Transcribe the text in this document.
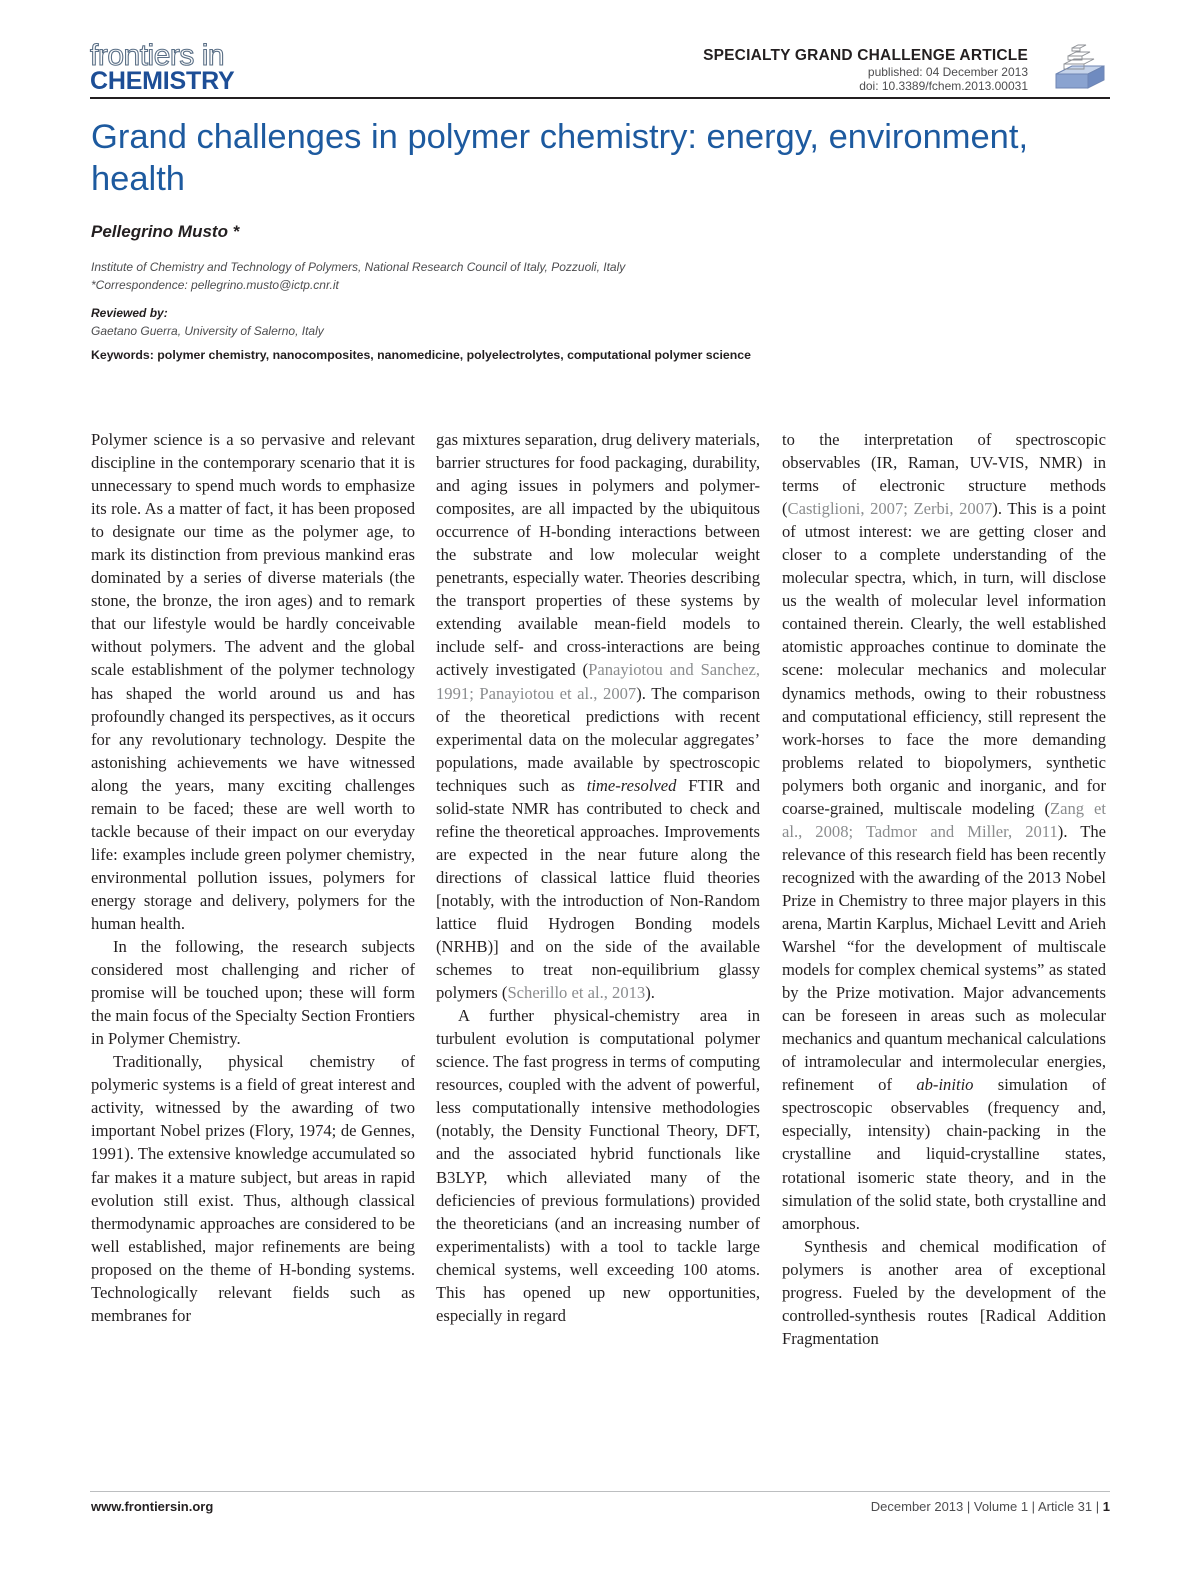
frontiers in
CHEMISTRY
SPECIALTY GRAND CHALLENGE ARTICLE
published: 04 December 2013
doi: 10.3389/fchem.2013.00031
Grand challenges in polymer chemistry: energy, environment, health
Pellegrino Musto *
Institute of Chemistry and Technology of Polymers, National Research Council of Italy, Pozzuoli, Italy
*Correspondence: pellegrino.musto@ictp.cnr.it
Reviewed by:
Gaetano Guerra, University of Salerno, Italy
Keywords: polymer chemistry, nanocomposites, nanomedicine, polyelectrolytes, computational polymer science

Polymer science is a so pervasive and relevant discipline in the contemporary scenario that it is unnecessary to spend much words to emphasize its role. As a matter of fact, it has been proposed to designate our time as the polymer age, to mark its distinction from previous mankind eras dominated by a series of diverse materials (the stone, the bronze, the iron ages) and to remark that our lifestyle would be hardly conceivable without polymers. The advent and the global scale establishment of the polymer technology has shaped the world around us and has profoundly changed its perspectives, as it occurs for any revolutionary technology. Despite the astonishing achievements we have witnessed along the years, many exciting challenges remain to be faced; these are well worth to tackle because of their impact on our everyday life: examples include green polymer chemistry, environmental pollution issues, polymers for energy storage and delivery, polymers for the human health.

In the following, the research subjects considered most challenging and richer of promise will be touched upon; these will form the main focus of the Specialty Section Frontiers in Polymer Chemistry.

Traditionally, physical chemistry of polymeric systems is a field of great interest and activity, witnessed by the awarding of two important Nobel prizes (Flory, 1974; de Gennes, 1991). The extensive knowledge accumulated so far makes it a mature subject, but areas in rapid evolution still exist. Thus, although classical thermodynamic approaches are considered to be well established, major refinements are being proposed on the theme of H-bonding systems. Technologically relevant fields such as membranes for

gas mixtures separation, drug delivery materials, barrier structures for food packaging, durability, and aging issues in polymers and polymer-composites, are all impacted by the ubiquitous occurrence of H-bonding interactions between the substrate and low molecular weight penetrants, especially water. Theories describing the transport properties of these systems by extending available mean-field models to include self- and cross-interactions are being actively investigated (Panayiotou and Sanchez, 1991; Panayiotou et al., 2007). The comparison of the theoretical predictions with recent experimental data on the molecular aggregates’ populations, made available by spectroscopic techniques such as time-resolved FTIR and solid-state NMR has contributed to check and refine the theoretical approaches. Improvements are expected in the near future along the directions of classical lattice fluid theories [notably, with the introduction of Non-Random lattice fluid Hydrogen Bonding models (NRHB)] and on the side of the available schemes to treat non-equilibrium glassy polymers (Scherillo et al., 2013).

A further physical-chemistry area in turbulent evolution is computational polymer science. The fast progress in terms of computing resources, coupled with the advent of powerful, less computationally intensive methodologies (notably, the Density Functional Theory, DFT, and the associated hybrid functionals like B3LYP, which alleviated many of the deficiencies of previous formulations) provided the theoreticians (and an increasing number of experimentalists) with a tool to tackle large chemical systems, well exceeding 100 atoms. This has opened up new opportunities, especially in regard

to the interpretation of spectroscopic observables (IR, Raman, UV-VIS, NMR) in terms of electronic structure methods (Castiglioni, 2007; Zerbi, 2007). This is a point of utmost interest: we are getting closer and closer to a complete understanding of the molecular spectra, which, in turn, will disclose us the wealth of molecular level information contained therein. Clearly, the well established atomistic approaches continue to dominate the scene: molecular mechanics and molecular dynamics methods, owing to their robustness and computational efficiency, still represent the work-horses to face the more demanding problems related to biopolymers, synthetic polymers both organic and inorganic, and for coarse-grained, multiscale modeling (Zang et al., 2008; Tadmor and Miller, 2011). The relevance of this research field has been recently recognized with the awarding of the 2013 Nobel Prize in Chemistry to three major players in this arena, Martin Karplus, Michael Levitt and Arieh Warshel “for the development of multiscale models for complex chemical systems” as stated by the Prize motivation. Major advancements can be foreseen in areas such as molecular mechanics and quantum mechanical calculations of intramolecular and intermolecular energies, refinement of ab-initio simulation of spectroscopic observables (frequency and, especially, intensity) chain-packing in the crystalline and liquid-crystalline states, rotational isomeric state theory, and in the simulation of the solid state, both crystalline and amorphous.

Synthesis and chemical modification of polymers is another area of exceptional progress. Fueled by the development of the controlled-synthesis routes [Radical Addition Fragmentation

www.frontiersin.org	December 2013 | Volume 1 | Article 31 | 1
